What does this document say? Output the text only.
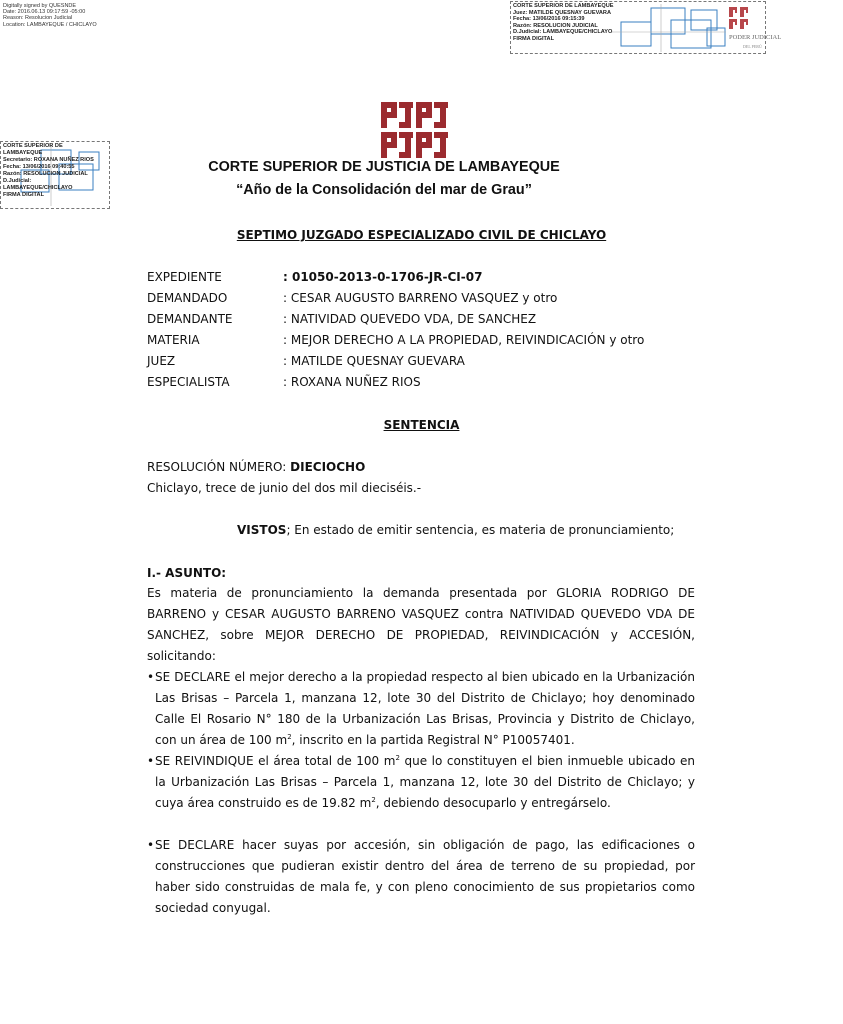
Digitally signed by QUESNDE
Date: 2016.06.13 09:17:59 -05:00
Reason: Resolucion Judicial
Location: LAMBAYEQUE / CHICLAYO
CORTE SUPERIOR DE LAMBAYEQUE
Juez: MATILDE QUESNAY GUEVARA
Fecha: 13/06/2016 09:15:39
Razón: RESOLUCION JUDICIAL
D.Judicial: LAMBAYEQUE/CHICLAYO
FIRMA DIGITAL	PODER JUDICIAL
DEL PERÚ
CORTE SUPERIOR DE
LAMBAYEQUE
Secretario: ROXANA NUÑEZ RIOS
Fecha: 13/06/2016 09:40:55
Razón: RESOLUCION JUDICIAL
D.Judicial:
LAMBAYEQUE/CHICLAYO
FIRMA DIGITAL
CORTE SUPERIOR DE JUSTICIA DE LAMBAYEQUE
“Año de la Consolidación del mar de Grau”
SEPTIMO JUZGADO ESPECIALIZADO CIVIL DE CHICLAYO
EXPEDIENTE	: 01050-2013-0-1706-JR-CI-07
DEMANDADO	: CESAR AUGUSTO BARRENO VASQUEZ y otro
DEMANDANTE	: NATIVIDAD QUEVEDO VDA, DE SANCHEZ
MATERIA	: MEJOR DERECHO A LA PROPIEDAD, REIVINDICACIÓN y otro
JUEZ	: MATILDE QUESNAY GUEVARA
ESPECIALISTA	: ROXANA NUÑEZ RIOS
SENTENCIA
RESOLUCIÓN NÚMERO: DIECIOCHO
Chiclayo, trece de junio del dos mil dieciséis.-
VISTOS; En estado de emitir sentencia, es materia de pronunciamiento;
I.- ASUNTO:
Es materia de pronunciamiento la demanda presentada por GLORIA RODRIGO DE BARRENO y CESAR AUGUSTO BARRENO VASQUEZ contra NATIVIDAD QUEVEDO VDA DE SANCHEZ, sobre MEJOR DERECHO DE PROPIEDAD, REIVINDICACIÓN y ACCESIÓN, solicitando:
• SE DECLARE el mejor derecho a la propiedad respecto al bien ubicado en la Urbanización Las Brisas – Parcela 1, manzana 12, lote 30 del Distrito de Chiclayo; hoy denominado Calle El Rosario N° 180 de la Urbanización Las Brisas, Provincia y Distrito de Chiclayo, con un área de 100 $m^2$, inscrito en la partida Registral N° P10057401.
• SE REIVINDIQUE el área total de 100 $m^2$ que lo constituyen el bien inmueble ubicado en la Urbanización Las Brisas – Parcela 1, manzana 12, lote 30 del Distrito de Chiclayo; y cuya área construido es de 19.82 $m^2$, debiendo desocuparlo y entregárselo.
• SE DECLARE hacer suyas por accesión, sin obligación de pago, las edificaciones o construcciones que pudieran existir dentro del área de terreno de su propiedad, por haber sido construidas de mala fe, y con pleno conocimiento de sus propietarios como sociedad conyugal.
